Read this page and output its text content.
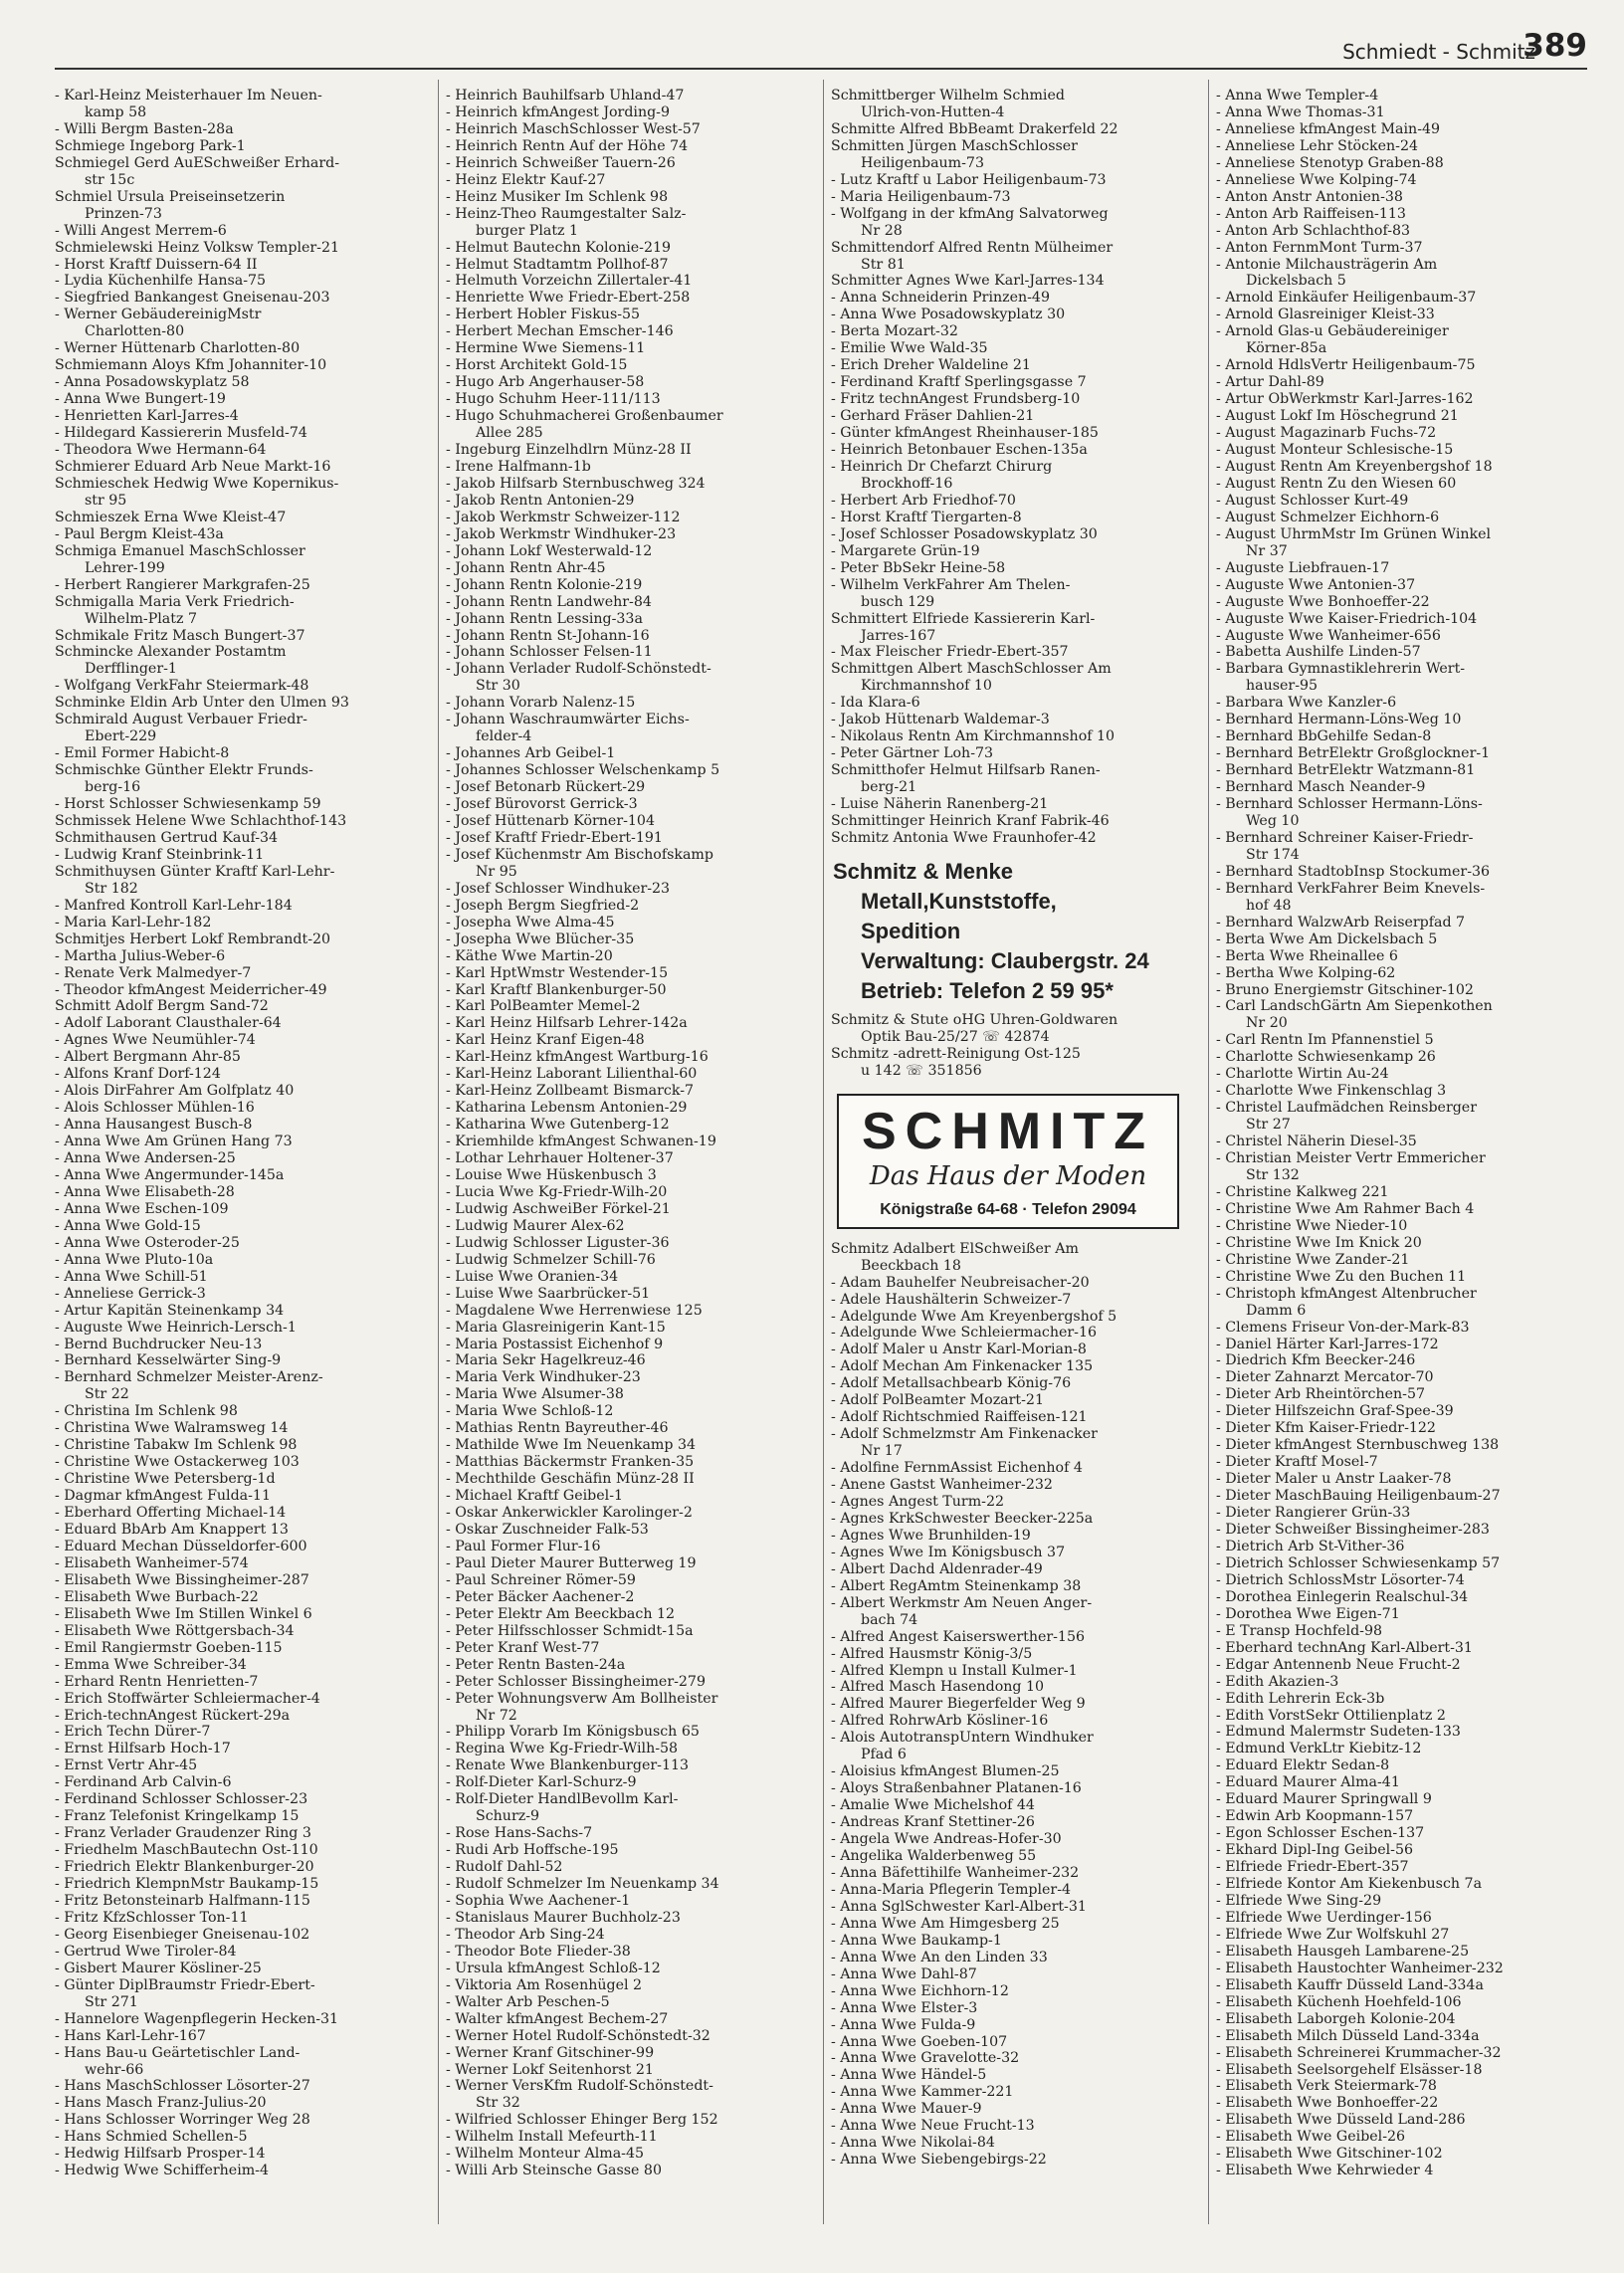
Schmiedt - Schmitz
389
- Karl-Heinz Meisterhauer Im Neuen-
kamp 58
- Willi Bergm Basten-28a
Schmiege Ingeborg Park-1
Schmiegel Gerd AuESchweißer Erhard-
str 15c
Schmiel Ursula Preiseinsetzerin
Prinzen-73
- Willi Angest Merrem-6
Schmielewski Heinz Volksw Templer-21
- Horst Kraftf Duissern-64 II
- Lydia Küchenhilfe Hansa-75
- Siegfried Bankangest Gneisenau-203
- Werner GebäudereinigMstr
Charlotten-80
- Werner Hüttenarb Charlotten-80
Schmiemann Aloys Kfm Johanniter-10
- Anna Posadowskyplatz 58
- Anna Wwe Bungert-19
- Henrietten Karl-Jarres-4
- Hildegard Kassiererin Musfeld-74
- Theodora Wwe Hermann-64
Schmierer Eduard Arb Neue Markt-16
Schmieschek Hedwig Wwe Kopernikus-
str 95
Schmieszek Erna Wwe Kleist-47
- Paul Bergm Kleist-43a
Schmiga Emanuel MaschSchlosser
Lehrer-199
- Herbert Rangierer Markgrafen-25
Schmigalla Maria Verk Friedrich-
Wilhelm-Platz 7
Schmikale Fritz Masch Bungert-37
Schmincke Alexander Postamtm
Derfflinger-1
- Wolfgang VerkFahr Steiermark-48
Schminke Eldin Arb Unter den Ulmen 93
Schmirald August Verbauer Friedr-
Ebert-229
- Emil Former Habicht-8
Schmischke Günther Elektr Frunds-
berg-16
- Horst Schlosser Schwiesenkamp 59
Schmissek Helene Wwe Schlachthof-143
Schmithausen Gertrud Kauf-34
- Ludwig Kranf Steinbrink-11
Schmithuysen Günter Kraftf Karl-Lehr-
Str 182
- Manfred Kontroll Karl-Lehr-184
- Maria Karl-Lehr-182
Schmitjes Herbert Lokf Rembrandt-20
- Martha Julius-Weber-6
- Renate Verk Malmedyer-7
- Theodor kfmAngest Meiderricher-49
Schmitt Adolf Bergm Sand-72
- Adolf Laborant Clausthaler-64
- Agnes Wwe Neumühler-74
- Albert Bergmann Ahr-85
- Alfons Kranf Dorf-124
- Alois DirFahrer Am Golfplatz 40
- Alois Schlosser Mühlen-16
- Anna Hausangest Busch-8
- Anna Wwe Am Grünen Hang 73
- Anna Wwe Andersen-25
- Anna Wwe Angermunder-145a
- Anna Wwe Elisabeth-28
- Anna Wwe Eschen-109
- Anna Wwe Gold-15
- Anna Wwe Osteroder-25
- Anna Wwe Pluto-10a
- Anna Wwe Schill-51
- Anneliese Gerrick-3
- Artur Kapitän Steinenkamp 34
- Auguste Wwe Heinrich-Lersch-1
- Bernd Buchdrucker Neu-13
- Bernhard Kesselwärter Sing-9
- Bernhard Schmelzer Meister-Arenz-
Str 22
- Christina Im Schlenk 98
- Christina Wwe Walramsweg 14
- Christine Tabakw Im Schlenk 98
- Christine Wwe Ostackerweg 103
- Christine Wwe Petersberg-1d
- Dagmar kfmAngest Fulda-11
- Eberhard Offerting Michael-14
- Eduard BbArb Am Knappert 13
- Eduard Mechan Düsseldorfer-600
- Elisabeth Wanheimer-574
- Elisabeth Wwe Bissingheimer-287
- Elisabeth Wwe Burbach-22
- Elisabeth Wwe Im Stillen Winkel 6
- Elisabeth Wwe Röttgersbach-34
- Emil Rangiermstr Goeben-115
- Emma Wwe Schreiber-34
- Erhard Rentn Henrietten-7
- Erich Stoffwärter Schleiermacher-4
- Erich-technAngest Rückert-29a
- Erich Techn Dürer-7
- Ernst Hilfsarb Hoch-17
- Ernst Vertr Ahr-45
- Ferdinand Arb Calvin-6
- Ferdinand Schlosser Schlosser-23
- Franz Telefonist Kringelkamp 15
- Franz Verlader Graudenzer Ring 3
- Friedhelm MaschBautechn Ost-110
- Friedrich Elektr Blankenburger-20
- Friedrich KlempnMstr Baukamp-15
- Fritz Betonsteinarb Halfmann-115
- Fritz KfzSchlosser Ton-11
- Georg Eisenbieger Gneisenau-102
- Gertrud Wwe Tiroler-84
- Gisbert Maurer Kösliner-25
- Günter DiplBraumstr Friedr-Ebert-
Str 271
- Hannelore Wagenpflegerin Hecken-31
- Hans Karl-Lehr-167
- Hans Bau-u Geärtetischler Land-
wehr-66
- Hans MaschSchlosser Lösorter-27
- Hans Masch Franz-Julius-20
- Hans Schlosser Worringer Weg 28
- Hans Schmied Schellen-5
- Hedwig Hilfsarb Prosper-14
- Hedwig Wwe Schifferheim-4
- Heinrich Bauhilfsarb Uhland-47
- Heinrich kfmAngest Jording-9
- Heinrich MaschSchlosser West-57
- Heinrich Rentn Auf der Höhe 74
- Heinrich Schweißer Tauern-26
- Heinz Elektr Kauf-27
- Heinz Musiker Im Schlenk 98
- Heinz-Theo Raumgestalter Salz-
burger Platz 1
- Helmut Bautechn Kolonie-219
- Helmut Stadtamtm Pollhof-87
- Helmuth Vorzeichn Zillertaler-41
- Henriette Wwe Friedr-Ebert-258
- Herbert Hobler Fiskus-55
- Herbert Mechan Emscher-146
- Hermine Wwe Siemens-11
- Horst Architekt Gold-15
- Hugo Arb Angerhauser-58
- Hugo Schuhm Heer-111/113
- Hugo Schuhmacherei Großenbaumer
Allee 285
- Ingeburg Einzelhdlrn Münz-28 II
- Irene Halfmann-1b
- Jakob Hilfsarb Sternbuschweg 324
- Jakob Rentn Antonien-29
- Jakob Werkmstr Schweizer-112
- Jakob Werkmstr Windhuker-23
- Johann Lokf Westerwald-12
- Johann Rentn Ahr-45
- Johann Rentn Kolonie-219
- Johann Rentn Landwehr-84
- Johann Rentn Lessing-33a
- Johann Rentn St-Johann-16
- Johann Schlosser Felsen-11
- Johann Verlader Rudolf-Schönstedt-
Str 30
- Johann Vorarb Nalenz-15
- Johann Waschraumwärter Eichs-
felder-4
- Johannes Arb Geibel-1
- Johannes Schlosser Welschenkamp 5
- Josef Betonarb Rückert-29
- Josef Bürovorst Gerrick-3
- Josef Hüttenarb Körner-104
- Josef Kraftf Friedr-Ebert-191
- Josef Küchenmstr Am Bischofskamp
Nr 95
- Josef Schlosser Windhuker-23
- Joseph Bergm Siegfried-2
- Josepha Wwe Alma-45
- Josepha Wwe Blücher-35
- Käthe Wwe Martin-20
- Karl HptWmstr Westender-15
- Karl Kraftf Blankenburger-50
- Karl PolBeamter Memel-2
- Karl Heinz Hilfsarb Lehrer-142a
- Karl Heinz Kranf Eigen-48
- Karl-Heinz kfmAngest Wartburg-16
- Karl-Heinz Laborant Lilienthal-60
- Karl-Heinz Zollbeamt Bismarck-7
- Katharina Lebensm Antonien-29
- Katharina Wwe Gutenberg-12
- Kriemhilde kfmAngest Schwanen-19
- Lothar Lehrhauer Holtener-37
- Louise Wwe Hüskenbusch 3
- Lucia Wwe Kg-Friedr-Wilh-20
- Ludwig AschweiBer Förkel-21
- Ludwig Maurer Alex-62
- Ludwig Schlosser Liguster-36
- Ludwig Schmelzer Schill-76
- Luise Wwe Oranien-34
- Luise Wwe Saarbrücker-51
- Magdalene Wwe Herrenwiese 125
- Maria Glasreinigerin Kant-15
- Maria Postassist Eichenhof 9
- Maria Sekr Hagelkreuz-46
- Maria Verk Windhuker-23
- Maria Wwe Alsumer-38
- Maria Wwe Schloß-12
- Mathias Rentn Bayreuther-46
- Mathilde Wwe Im Neuenkamp 34
- Matthias Bäckermstr Franken-35
- Mechthilde Geschäfin Münz-28 II
- Michael Kraftf Geibel-1
- Oskar Ankerwickler Karolinger-2
- Oskar Zuschneider Falk-53
- Paul Former Flur-16
- Paul Dieter Maurer Butterweg 19
- Paul Schreiner Römer-59
- Peter Bäcker Aachener-2
- Peter Elektr Am Beeckbach 12
- Peter Hilfsschlosser Schmidt-15a
- Peter Kranf West-77
- Peter Rentn Basten-24a
- Peter Schlosser Bissingheimer-279
- Peter Wohnungsverw Am Bollheister
Nr 72
- Philipp Vorarb Im Königsbusch 65
- Regina Wwe Kg-Friedr-Wilh-58
- Renate Wwe Blankenburger-113
- Rolf-Dieter Karl-Schurz-9
- Rolf-Dieter HandlBevollm Karl-
Schurz-9
- Rose Hans-Sachs-7
- Rudi Arb Hoffsche-195
- Rudolf Dahl-52
- Rudolf Schmelzer Im Neuenkamp 34
- Sophia Wwe Aachener-1
- Stanislaus Maurer Buchholz-23
- Theodor Arb Sing-24
- Theodor Bote Flieder-38
- Ursula kfmAngest Schloß-12
- Viktoria Am Rosenhügel 2
- Walter Arb Peschen-5
- Walter kfmAngest Bechem-27
- Werner Hotel Rudolf-Schönstedt-32
- Werner Kranf Gitschiner-99
- Werner Lokf Seitenhorst 21
- Werner VersKfm Rudolf-Schönstedt-
Str 32
- Wilfried Schlosser Ehinger Berg 152
- Wilhelm Install Mefeurth-11
- Wilhelm Monteur Alma-45
- Willi Arb Steinsche Gasse 80
Schmittberger Wilhelm Schmied
Ulrich-von-Hutten-4
Schmitte Alfred BbBeamt Drakerfeld 22
Schmitten Jürgen MaschSchlosser
Heiligenbaum-73
- Lutz Kraftf u Labor Heiligenbaum-73
- Maria Heiligenbaum-73
- Wolfgang in der kfmAng Salvatorweg
Nr 28
Schmittendorf Alfred Rentn Mülheimer
Str 81
Schmitter Agnes Wwe Karl-Jarres-134
- Anna Schneiderin Prinzen-49
- Anna Wwe Posadowskyplatz 30
- Berta Mozart-32
- Emilie Wwe Wald-35
- Erich Dreher Waldeline 21
- Ferdinand Kraftf Sperlingsgasse 7
- Fritz technAngest Frundsberg-10
- Gerhard Fräser Dahlien-21
- Günter kfmAngest Rheinhauser-185
- Heinrich Betonbauer Eschen-135a
- Heinrich Dr Chefarzt Chirurg
Brockhoff-16
- Herbert Arb Friedhof-70
- Horst Kraftf Tiergarten-8
- Josef Schlosser Posadowskyplatz 30
- Margarete Grün-19
- Peter BbSekr Heine-58
- Wilhelm VerkFahrer Am Thelen-
busch 129
Schmittert Elfriede Kassiererin Karl-
Jarres-167
- Max Fleischer Friedr-Ebert-357
Schmittgen Albert MaschSchlosser Am
Kirchmannshof 10
- Ida Klara-6
- Jakob Hüttenarb Waldemar-3
- Nikolaus Rentn Am Kirchmannshof 10
- Peter Gärtner Loh-73
Schmitthofer Helmut Hilfsarb Ranen-
berg-21
- Luise Näherin Ranenberg-21
Schmittinger Heinrich Kranf Fabrik-46
Schmitz Antonia Wwe Fraunhofer-42
Schmitz & Menke
Metall,Kunststoffe,
Spedition
Verwaltung: Claubergstr. 24
Betrieb: Telefon 2 59 95*
Schmitz & Stute oHG Uhren-Goldwaren
Optik Bau-25/27 ☏ 42874
Schmitz -adrett-Reinigung Ost-125
u 142 ☏ 351856
SCHMITZ
Das Haus der Moden
Königstraße 64-68 · Telefon 29094
Schmitz Adalbert ElSchweißer Am
Beeckbach 18
- Adam Bauhelfer Neubreisacher-20
- Adele Haushälterin Schweizer-7
- Adelgunde Wwe Am Kreyenbergshof 5
- Adelgunde Wwe Schleiermacher-16
- Adolf Maler u Anstr Karl-Morian-8
- Adolf Mechan Am Finkenacker 135
- Adolf Metallsachbearb König-76
- Adolf PolBeamter Mozart-21
- Adolf Richtschmied Raiffeisen-121
- Adolf Schmelzmstr Am Finkenacker
Nr 17
- Adolfine FernmAssist Eichenhof 4
- Anene Gastst Wanheimer-232
- Agnes Angest Turm-22
- Agnes KrkSchwester Beecker-225a
- Agnes Wwe Brunhilden-19
- Agnes Wwe Im Königsbusch 37
- Albert Dachd Aldenrader-49
- Albert RegAmtm Steinenkamp 38
- Albert Werkmstr Am Neuen Anger-
bach 74
- Alfred Angest Kaiserswerther-156
- Alfred Hausmstr König-3/5
- Alfred Klempn u Install Kulmer-1
- Alfred Masch Hasendong 10
- Alfred Maurer Biegerfelder Weg 9
- Alfred RohrwArb Kösliner-16
- Alois AutotranspUntern Windhuker
Pfad 6
- Aloisius kfmAngest Blumen-25
- Aloys Straßenbahner Platanen-16
- Amalie Wwe Michelshof 44
- Andreas Kranf Stettiner-26
- Angela Wwe Andreas-Hofer-30
- Angelika Walderbenweg 55
- Anna Bäfettihilfe Wanheimer-232
- Anna-Maria Pflegerin Templer-4
- Anna SglSchwester Karl-Albert-31
- Anna Wwe Am Himgesberg 25
- Anna Wwe Baukamp-1
- Anna Wwe An den Linden 33
- Anna Wwe Dahl-87
- Anna Wwe Eichhorn-12
- Anna Wwe Elster-3
- Anna Wwe Fulda-9
- Anna Wwe Goeben-107
- Anna Wwe Gravelotte-32
- Anna Wwe Händel-5
- Anna Wwe Kammer-221
- Anna Wwe Mauer-9
- Anna Wwe Neue Frucht-13
- Anna Wwe Nikolai-84
- Anna Wwe Siebengebirgs-22
- Anna Wwe Templer-4
- Anna Wwe Thomas-31
- Anneliese kfmAngest Main-49
- Anneliese Lehr Stöcken-24
- Anneliese Stenotyp Graben-88
- Anneliese Wwe Kolping-74
- Anton Anstr Antonien-38
- Anton Arb Raiffeisen-113
- Anton Arb Schlachthof-83
- Anton FernmMont Turm-37
- Antonie Milchausträgerin Am
Dickelsbach 5
- Arnold Einkäufer Heiligenbaum-37
- Arnold Glasreiniger Kleist-33
- Arnold Glas-u Gebäudereiniger
Körner-85a
- Arnold HdlsVertr Heiligenbaum-75
- Artur Dahl-89
- Artur ObWerkmstr Karl-Jarres-162
- August Lokf Im Höschegrund 21
- August Magazinarb Fuchs-72
- August Monteur Schlesische-15
- August Rentn Am Kreyenbergshof 18
- August Rentn Zu den Wiesen 60
- August Schlosser Kurt-49
- August Schmelzer Eichhorn-6
- August UhrmMstr Im Grünen Winkel
Nr 37
- Auguste Liebfrauen-17
- Auguste Wwe Antonien-37
- Auguste Wwe Bonhoeffer-22
- Auguste Wwe Kaiser-Friedrich-104
- Auguste Wwe Wanheimer-656
- Babetta Aushilfe Linden-57
- Barbara Gymnastiklehrerin Wert-
hauser-95
- Barbara Wwe Kanzler-6
- Bernhard Hermann-Löns-Weg 10
- Bernhard BbGehilfe Sedan-8
- Bernhard BetrElektr Großglockner-1
- Bernhard BetrElektr Watzmann-81
- Bernhard Masch Neander-9
- Bernhard Schlosser Hermann-Löns-
Weg 10
- Bernhard Schreiner Kaiser-Friedr-
Str 174
- Bernhard StadtobInsp Stockumer-36
- Bernhard VerkFahrer Beim Knevels-
hof 48
- Bernhard WalzwArb Reiserpfad 7
- Berta Wwe Am Dickelsbach 5
- Berta Wwe Rheinallee 6
- Bertha Wwe Kolping-62
- Bruno Energiemstr Gitschiner-102
- Carl LandschGärtn Am Siepenkothen
Nr 20
- Carl Rentn Im Pfannenstiel 5
- Charlotte Schwiesenkamp 26
- Charlotte Wirtin Au-24
- Charlotte Wwe Finkenschlag 3
- Christel Laufmädchen Reinsberger
Str 27
- Christel Näherin Diesel-35
- Christian Meister Vertr Emmericher
Str 132
- Christine Kalkweg 221
- Christine Wwe Am Rahmer Bach 4
- Christine Wwe Nieder-10
- Christine Wwe Im Knick 20
- Christine Wwe Zander-21
- Christine Wwe Zu den Buchen 11
- Christoph kfmAngest Altenbrucher
Damm 6
- Clemens Friseur Von-der-Mark-83
- Daniel Härter Karl-Jarres-172
- Diedrich Kfm Beecker-246
- Dieter Zahnarzt Mercator-70
- Dieter Arb Rheintörchen-57
- Dieter Hilfszeichn Graf-Spee-39
- Dieter Kfm Kaiser-Friedr-122
- Dieter kfmAngest Sternbuschweg 138
- Dieter Kraftf Mosel-7
- Dieter Maler u Anstr Laaker-78
- Dieter MaschBauing Heiligenbaum-27
- Dieter Rangierer Grün-33
- Dieter Schweißer Bissingheimer-283
- Dietrich Arb St-Vither-36
- Dietrich Schlosser Schwiesenkamp 57
- Dietrich SchlossMstr Lösorter-74
- Dorothea Einlegerin Realschul-34
- Dorothea Wwe Eigen-71
- E Transp Hochfeld-98
- Eberhard technAng Karl-Albert-31
- Edgar Antennenb Neue Frucht-2
- Edith Akazien-3
- Edith Lehrerin Eck-3b
- Edith VorstSekr Ottilienplatz 2
- Edmund Malermstr Sudeten-133
- Edmund VerkLtr Kiebitz-12
- Eduard Elektr Sedan-8
- Eduard Maurer Alma-41
- Eduard Maurer Springwall 9
- Edwin Arb Koopmann-157
- Egon Schlosser Eschen-137
- Ekhard Dipl-Ing Geibel-56
- Elfriede Friedr-Ebert-357
- Elfriede Kontor Am Kiekenbusch 7a
- Elfriede Wwe Sing-29
- Elfriede Wwe Uerdinger-156
- Elfriede Wwe Zur Wolfskuhl 27
- Elisabeth Hausgeh Lambarene-25
- Elisabeth Haustochter Wanheimer-232
- Elisabeth Kauffr Düsseld Land-334a
- Elisabeth Küchenh Hoehfeld-106
- Elisabeth Laborgeh Kolonie-204
- Elisabeth Milch Düsseld Land-334a
- Elisabeth Schreinerei Krummacher-32
- Elisabeth Seelsorgehelf Elsässer-18
- Elisabeth Verk Steiermark-78
- Elisabeth Wwe Bonhoeffer-22
- Elisabeth Wwe Düsseld Land-286
- Elisabeth Wwe Geibel-26
- Elisabeth Wwe Gitschiner-102
- Elisabeth Wwe Kehrwieder 4
